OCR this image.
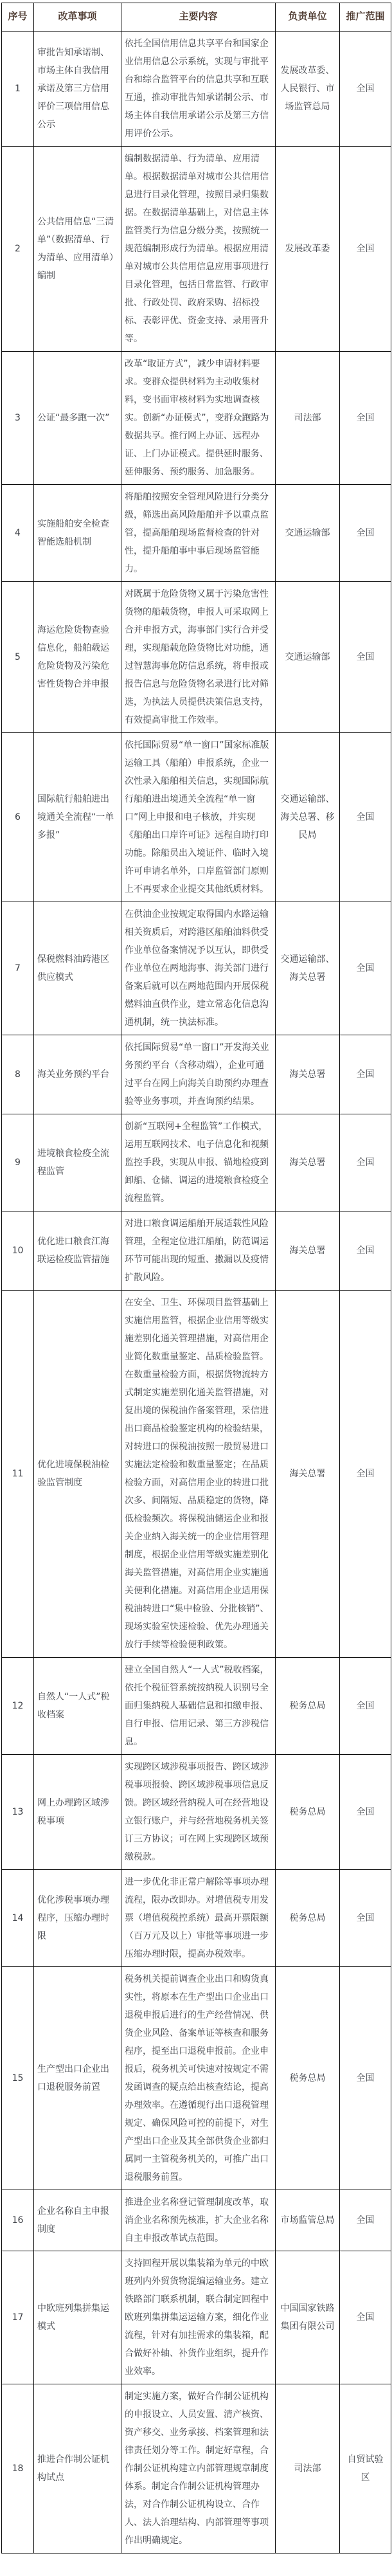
序号	改革事项	主要内容	负责单位	推广范围
1	审批告知承诺制、市场主体自我信用承诺及第三方信用评价三项信用信息公示	依托全国信用信息共享平台和国家企业信用信息公示系统，实现与审批平台和综合监管平台的信息共享和互联互通，推动审批告知承诺制公示、市场主体自我信用承诺公示及第三方信用评价公示。	发展改革委、人民银行、市场监管总局	全国
2	公共信用信息“三清单”（数据清单、行为清单、应用清单）编制	编制数据清单、行为清单、应用清单。根据数据清单对城市公共信用信息进行目录化管理，按照目录归集数据。在数据清单基础上，对信息主体监管类行为信息分级分类，按照统一规范编制形成行为清单。根据应用清单对城市公共信用信息应用事项进行目录化管理，包括日常监管、行政审批、行政处罚、政府采购、招标投标、表彰评优、资金支持、录用晋升等。	发展改革委	全国
3	公证“最多跑一次”	改革“取证方式”，减少申请材料要求。变群众提供材料为主动收集材料，变书面审核材料为实地调查核实。创新“办证模式”，变群众跑路为数据共享。推行网上办证、远程办证、上门办证模式。提供延时服务、延伸服务、预约服务、加急服务。	司法部	全国
4	实施船舶安全检查智能选船机制	将船舶按照安全管理风险进行分类分级，筛选出高风险船舶并予以重点监管，提高船舶现场监督检查的针对性，提升船舶事中事后现场监管能力。	交通运输部	全国
5	海运危险货物查验信息化，船舶载运危险货物及污染危害性货物合并申报	对既属于危险货物又属于污染危害性货物的船载货物，申报人可采取网上合并申报方式，海事部门实行合并受理，实现船载危险货物比对功能，通过智慧海事危防信息系统，将申报或报告信息与危险货物名录进行比对筛选，为执法人员提供决策信息支持，有效提高审批工作效率。	交通运输部	全国
6	国际航行船舶进出境通关全流程“一单多报”	依托国际贸易“单一窗口”国家标准版运输工具（船舶）申报系统，企业一次性录入船舶相关信息，实现国际航行船舶进出境通关全流程“单一窗口”网上申报和电子核放，并实现《船舶出口岸许可证》远程自助打印功能。除船员出入境证件、临时入境许可申请名单外，口岸监管部门原则上不再要求企业提交其他纸质材料。	交通运输部、海关总署、移民局	全国
7	保税燃料油跨港区供应模式	在供油企业按规定取得国内水路运输相关资质后，对跨港区船舶油料供受作业单位备案情况予以互认，即供受作业单位在两地海事、海关部门进行备案后就可以在两地范围内开展保税燃料油直供作业，建立常态化信息沟通机制，统一执法标准。	交通运输部、海关总署	全国
8	海关业务预约平台	依托国际贸易“单一窗口”开发海关业务预约平台（含移动端），企业可通过平台在网上向海关自助预约办理查验等业务事项，并查询预约结果。	海关总署	全国
9	进境粮食检疫全流程监管	创新“互联网+全程监管”工作模式，运用互联网技术、电子信息化和视频监控手段，实现从申报、锚地检疫到卸船、仓储、调运的进境粮食检疫全流程监管。	海关总署	全国
10	优化进口粮食江海联运检疫监管措施	对进口粮食调运船舶开展适载性风险管理，全程定位进江船舶，防范调运环节可能出现的短重、撒漏以及疫情扩散风险。	海关总署	全国
11	优化进境保税油检验监管制度	在安全、卫生、环保项目监管基础上实施信用监管，根据企业信用等级实施差别化通关管理措施，对高信用企业简化数重量鉴定、品质检验监管。在数重量检验方面，根据货物流转方式制定实施差别化通关监管措施，对复出境的保税油作备案管理，采信进出口商品检验鉴定机构的检验结果，对转进口的保税油按照一般贸易进口实施法定检验和数重量鉴定；在品质检验方面，对高信用企业的转进口批次多、间隔短、品质稳定的货物，降低检验频次。将保税油储运企业和报关企业纳入海关统一的企业信用管理制度，根据企业信用等级实施差别化海关监管措施，对高信用企业实施通关便利化措施。对高信用企业适用保税油转进口“集中检验、分批核销”、现场实验室快速检验、优先办理通关放行手续等检验便利政策。	海关总署	全国
12	自然人“一人式”税收档案	建立全国自然人“一人式”税收档案，依托个税征管系统按纳税人识别号全面归集纳税人基础信息和扣缴申报、自行申报、信用记录、第三方涉税信息。	税务总局	全国
13	网上办理跨区域涉税事项	实现跨区域涉税事项报告、跨区域涉税事项报验、跨区域涉税事项信息反馈。跨区域经营纳税人可在经营地设立银行账户，并与经营地税务机关签订三方协议；可在网上实现跨区域预缴税款。	税务总局	全国
14	优化涉税事项办理程序，压缩办理时限	进一步优化非正常户解除等事项办理流程，限办改即办。对增值税专用发票（增值税税控系统）最高开票限额（百万元及以上）审批等事项进一步压缩办理时限，提高办税效率。	税务总局	全国
15	生产型出口企业出口退税服务前置	税务机关提前调查企业出口和购货真实性，将原本在生产型出口企业出口退税申报后进行的生产经营情况、供货企业风险、备案单证等核查和服务程序，提至出口退税申报前。企业申报后，税务机关可快速对按规定不需发函调查的疑点给出核查结论，提高办理效率。在遵循现行出口退税管理规定、确保风险可控的前提下，对生产型出口企业及其全部供货企业都归属同一主管税务机关的，可推广出口退税服务前置。	税务总局	全国
16	企业名称自主申报制度	推进企业名称登记管理制度改革，取消企业名称预先核准，扩大企业名称自主申报改革试点范围。	市场监管总局	全国
17	中欧班列集拼集运模式	支持回程开展以集装箱为单元的中欧班列内外贸货物混编运输业务。建立铁路部门联系机制，联合制定回程中欧班列集拼集运运输方案，细化作业流程，针对有加挂需求的集装箱，配合做好补轴、补货作业组织，提升作业效率。	中国国家铁路集团有限公司	全国
18	推进合作制公证机构试点	制定实施方案，做好合作制公证机构的申报设立、人员安置、清产核资、资产移交、业务承接、档案管理和法律责任划分等工作。制定好章程，合作制公证机构建立内部管理规章制度体系。制定合作制公证机构管理办法，对合作制公证机构设立、合作人、法人治理结构、内部管理等事项作出明确规定。	司法部	自贸试验区
